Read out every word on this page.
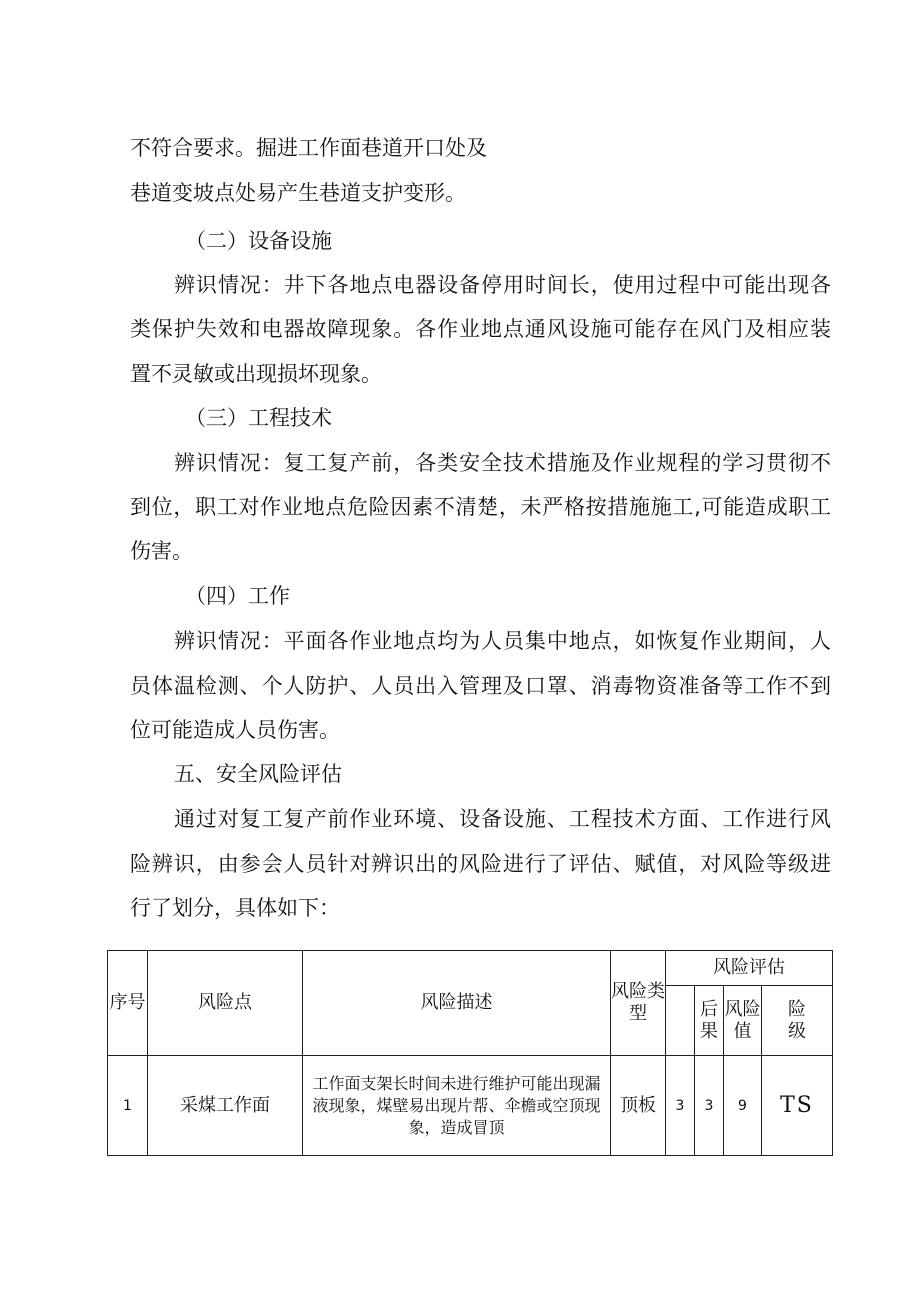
不符合要求。掘进工作面巷道开口处及

巷道变坡点处易产生巷道支护变形。

（二）设备设施

辨识情况：井下各地点电器设备停用时间长，使用过程中可能出现各

类保护失效和电器故障现象。各作业地点通风设施可能存在风门及相应装

置不灵敏或出现损坏现象。

（三）工程技术

辨识情况：复工复产前，各类安全技术措施及作业规程的学习贯彻不

到位，职工对作业地点危险因素不清楚，未严格按措施施工,可能造成职工

伤害。

（四）工作

辨识情况：平面各作业地点均为人员集中地点，如恢复作业期间，人

员体温检测、个人防护、人员出入管理及口罩、消毒物资准备等工作不到

位可能造成人员伤害。

五、安全风险评估

通过对复工复产前作业环境、设备设施、工程技术方面、工作进行风

险辨识，由参会人员针对辨识出的风险进行了评估、赋值，对风险等级进

行了划分，具体如下：

序号	风险点	风险描述	风险类型	风险评估			
					后果	风险值	险级
1	采煤工作面	工作面支架长时间未进行维护可能出现漏液现象，煤壁易出现片帮、伞檐或空顶现象，造成冒顶	顶板	3	3	9	TS
